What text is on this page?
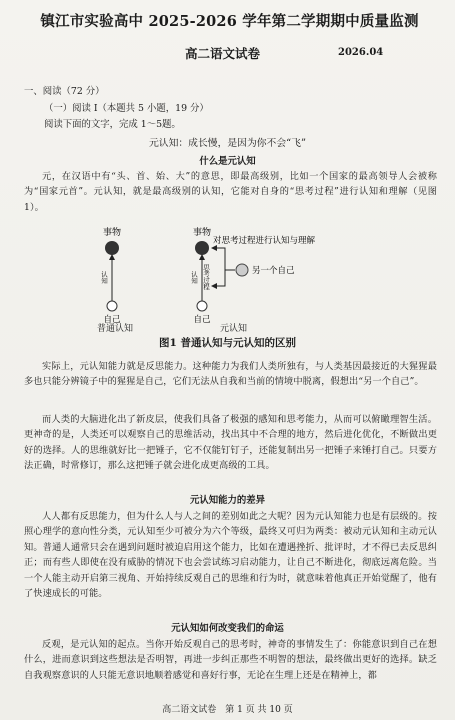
镇江市实验高中 2025-2026 学年第二学期期中质量监测
高二语文试卷	2026.04
一、阅读（72 分）
（一）阅读 I（本题共 5 小题，19 分）
阅读下面的文字，完成 1～5题。
元认知：成长慢，是因为你不会“飞”
什么是元认知
元，在汉语中有“头、首、始、大”的意思，即最高级别，比如一个国家的最高领导人会被称为“国家元首”。元认知，就是最高级别的认知，它能对自身的“思考过程”进行认知和理解（见图 1）。
事物
认知
自己
事物
认知 思考过程
自己
另一个自己
对思考过程进行认知与理解
普通认知	元认知
图1 普通认知与元认知的区别
实际上，元认知能力就是反思能力。这种能力为我们人类所独有，与人类基因最接近的大猩猩最多也只能分辨镜子中的猩猩是自己，它们无法从自我和当前的情境中脱离，假想出“另一个自己”。
而人类的大脑进化出了新皮层，使我们具备了极强的感知和思考能力，从而可以俯瞰理智生活。更神奇的是，人类还可以观察自己的思维活动，找出其中不合理的地方，然后进化优化，不断做出更好的选择。人的思维就好比一把锤子，它不仅能钉钉子，还能复制出另一把锤子来锤打自己。只要方法正确，时常修订，那么这把锤子就会进化成更高级的工具。
元认知能力的差异
人人都有反思能力，但为什么人与人之间的差别如此之大呢？因为元认知能力也是有层级的。按照心理学的意向性分类，元认知至少可被分为六个等级，最终又可归为两类：被动元认知和主动元认知。普通人通常只会在遇到问题时被迫启用这个能力，比如在遭遇挫折、批评时，才不得已去反思纠正；而有些人即使在没有威胁的情况下也会尝试练习启动能力，让自己不断进化，彻底远离危险。当一个人能主动开启第三视角、开始持续反观自己的思维和行为时，就意味着他真正开始觉醒了，他有了快速成长的可能。
元认知如何改变我们的命运
反观，是元认知的起点。当你开始反观自己的思考时，神奇的事情发生了：你能意识到自己在想什么，进而意识到这些想法是否明智，再进一步纠正那些不明智的想法，最终做出更好的选择。缺乏自我观察意识的人只能无意识地顺着感觉和喜好行事，无论在生理上还是在精神上，都
高二语文试卷　第 1 页 共 10 页
